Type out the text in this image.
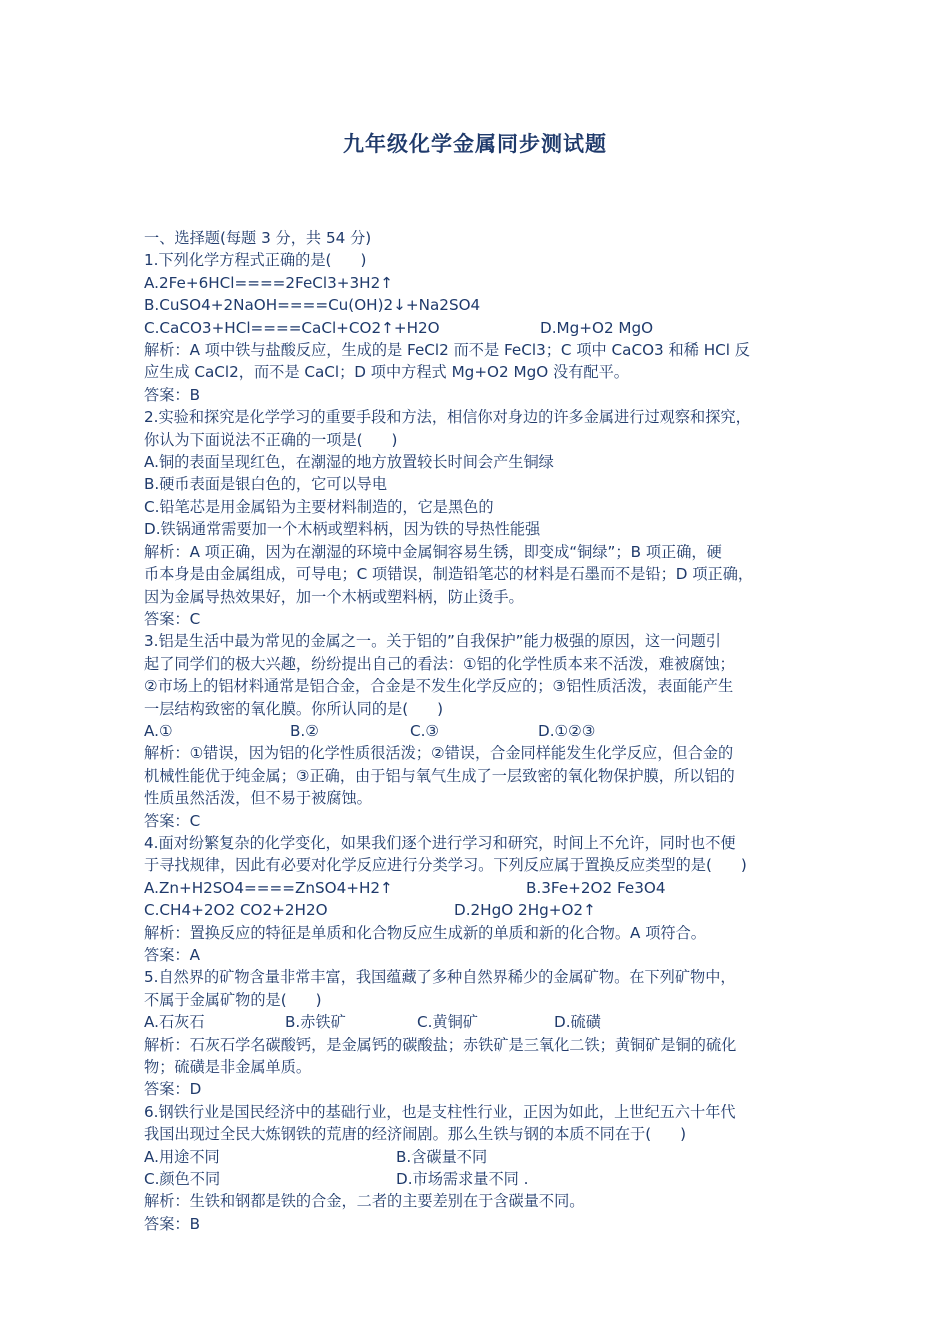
九年级化学金属同步测试题
一、选择题(每题 3 分，共 54 分)
1.下列化学方程式正确的是(      )
A.2Fe+6HCl====2FeCl3+3H2↑
B.CuSO4+2NaOH====Cu(OH)2↓+Na2SO4
C.CaCO3+HCl====CaCl+CO2↑+H2O	D.Mg+O2 MgO
解析：A 项中铁与盐酸反应，生成的是 FeCl2 而不是 FeCl3；C 项中 CaCO3 和稀 HCl 反
应生成 CaCl2，而不是 CaCl；D 项中方程式 Mg+O2 MgO 没有配平。
答案：B
2.实验和探究是化学学习的重要手段和方法，相信你对身边的许多金属进行过观察和探究，
你认为下面说法不正确的一项是(      )
A.铜的表面呈现红色，在潮湿的地方放置较长时间会产生铜绿
B.硬币表面是银白色的，它可以导电
C.铅笔芯是用金属铅为主要材料制造的，它是黑色的
D.铁锅通常需要加一个木柄或塑料柄，因为铁的导热性能强
解析：A 项正确，因为在潮湿的环境中金属铜容易生锈，即变成“铜绿”；B 项正确，硬
币本身是由金属组成，可导电；C 项错误，制造铅笔芯的材料是石墨而不是铅；D 项正确，
因为金属导热效果好，加一个木柄或塑料柄，防止烫手。
答案：C
3.铝是生活中最为常见的金属之一。关于铝的”自我保护”能力极强的原因，这一问题引
起了同学们的极大兴趣，纷纷提出自己的看法：①铝的化学性质本来不活泼，难被腐蚀；
②市场上的铝材料通常是铝合金，合金是不发生化学反应的；③铝性质活泼，表面能产生
一层结构致密的氧化膜。你所认同的是(      )
A.①	B.②	C.③	D.①②③
解析：①错误，因为铝的化学性质很活泼；②错误，合金同样能发生化学反应，但合金的
机械性能优于纯金属；③正确，由于铝与氧气生成了一层致密的氧化物保护膜，所以铝的
性质虽然活泼，但不易于被腐蚀。
答案：C
4.面对纷繁复杂的化学变化，如果我们逐个进行学习和研究，时间上不允许，同时也不便
于寻找规律，因此有必要对化学反应进行分类学习。下列反应属于置换反应类型的是(      )
A.Zn+H2SO4====ZnSO4+H2↑	B.3Fe+2O2 Fe3O4
C.CH4+2O2 CO2+2H2O	D.2HgO 2Hg+O2↑
解析：置换反应的特征是单质和化合物反应生成新的单质和新的化合物。A 项符合。
答案：A
5.自然界的矿物含量非常丰富，我国蕴藏了多种自然界稀少的金属矿物。在下列矿物中，
不属于金属矿物的是(      )
A.石灰石	B.赤铁矿	C.黄铜矿	D.硫磺
解析：石灰石学名碳酸钙，是金属钙的碳酸盐；赤铁矿是三氧化二铁；黄铜矿是铜的硫化
物；硫磺是非金属单质。
答案：D
6.钢铁行业是国民经济中的基础行业，也是支柱性行业，正因为如此，上世纪五六十年代
我国出现过全民大炼钢铁的荒唐的经济闹剧。那么生铁与钢的本质不同在于(      )
A.用途不同	B.含碳量不同
C.颜色不同	D.市场需求量不同 .
解析：生铁和钢都是铁的合金，二者的主要差别在于含碳量不同。
答案：B
